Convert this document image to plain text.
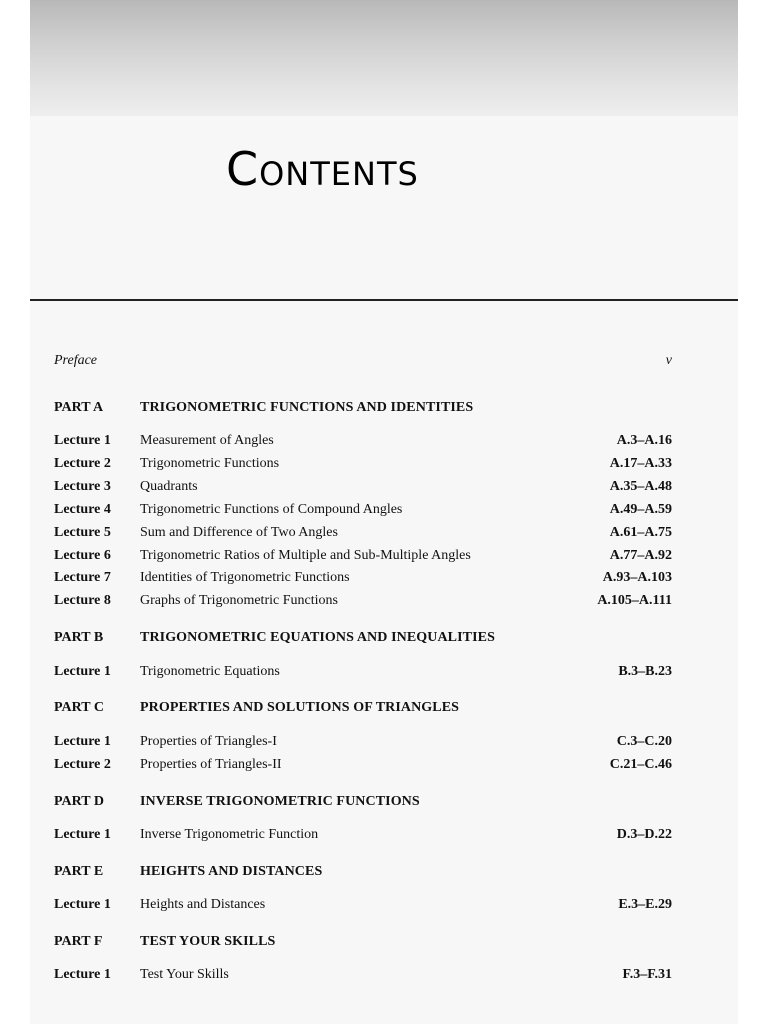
Contents
Preface	v
PART A	TRIGONOMETRIC FUNCTIONS AND IDENTITIES
Lecture 1 Measurement of Angles	A.3–A.16
Lecture 2 Trigonometric Functions	A.17–A.33
Lecture 3 Quadrants	A.35–A.48
Lecture 4 Trigonometric Functions of Compound Angles	A.49–A.59
Lecture 5 Sum and Difference of Two Angles	A.61–A.75
Lecture 6 Trigonometric Ratios of Multiple and Sub-Multiple Angles	A.77–A.92
Lecture 7 Identities of Trigonometric Functions	A.93–A.103
Lecture 8 Graphs of Trigonometric Functions	A.105–A.111
PART B	TRIGONOMETRIC EQUATIONS AND INEQUALITIES
Lecture 1 Trigonometric Equations	B.3–B.23
PART C	PROPERTIES AND SOLUTIONS OF TRIANGLES
Lecture 1 Properties of Triangles-I	C.3–C.20
Lecture 2 Properties of Triangles-II	C.21–C.46
PART D	INVERSE TRIGONOMETRIC FUNCTIONS
Lecture 1 Inverse Trigonometric Function	D.3–D.22
PART E	HEIGHTS AND DISTANCES
Lecture 1 Heights and Distances	E.3–E.29
PART F	TEST YOUR SKILLS
Lecture 1 Test Your Skills	F.3–F.31
